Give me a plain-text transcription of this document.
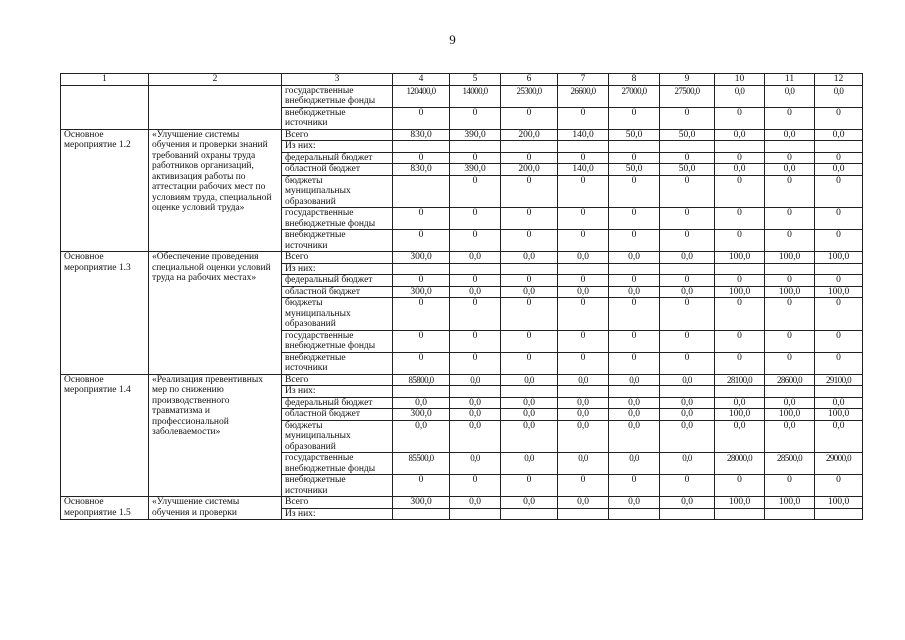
9
1	2	3	4	5	6	7	8	9	10	11	12
		государственные внебюджетные фонды	120400,0	14000,0	25300,0	26600,0	27000,0	27500,0	0,0	0,0	0,0
		внебюджетные источники	0	0	0	0	0	0	0	0	0
Основное мероприятие 1.2	«Улучшение системы обучения и проверки знаний требований охраны труда работников организаций, активизация работы по аттестации рабочих мест по условиям труда, специальной оценке условий труда»	Всего	830,0	390,0	200,0	140,0	50,0	50,0	0,0	0,0	0,0
		Из них:									
		федеральный бюджет	0	0	0	0	0	0	0	0	0
		областной бюджет	830,0	390,0	200,0	140,0	50,0	50,0	0,0	0,0	0,0
		бюджеты муниципальных образований		0	0	0	0	0	0	0	0
		государственные внебюджетные фонды	0	0	0	0	0	0	0	0	0
		внебюджетные источники	0	0	0	0	0	0	0	0	0
Основное мероприятие 1.3	«Обеспечение проведения специальной оценки условий труда на рабочих местах»	Всего	300,0	0,0	0,0	0,0	0,0	0,0	100,0	100,0	100,0
		Из них:									
		федеральный бюджет	0	0	0	0	0	0	0	0	0
		областной бюджет	300,0	0,0	0,0	0,0	0,0	0,0	100,0	100,0	100,0
		бюджеты муниципальных образований	0	0	0	0	0	0	0	0	0
		государственные внебюджетные фонды	0	0	0	0	0	0	0	0	0
		внебюджетные источники	0	0	0	0	0	0	0	0	0
Основное мероприятие 1.4	«Реализация превентивных мер по снижению производственного травматизма и профессиональной заболеваемости»	Всего	85800,0	0,0	0,0	0,0	0,0	0,0	28100,0	28600,0	29100,0
		Из них:									
		федеральный бюджет	0,0	0,0	0,0	0,0	0,0	0,0	0,0	0,0	0,0
		областной бюджет	300,0	0,0	0,0	0,0	0,0	0,0	100,0	100,0	100,0
		бюджеты муниципальных образований	0,0	0,0	0,0	0,0	0,0	0,0	0,0	0,0	0,0
		государственные внебюджетные фонды	85500,0	0,0	0,0	0,0	0,0	0,0	28000,0	28500,0	29000,0
		внебюджетные источники	0	0	0	0	0	0	0	0	0
Основное мероприятие 1.5	«Улучшение системы обучения и проверки	Всего	300,0	0,0	0,0	0,0	0,0	0,0	100,0	100,0	100,0
		Из них:									
